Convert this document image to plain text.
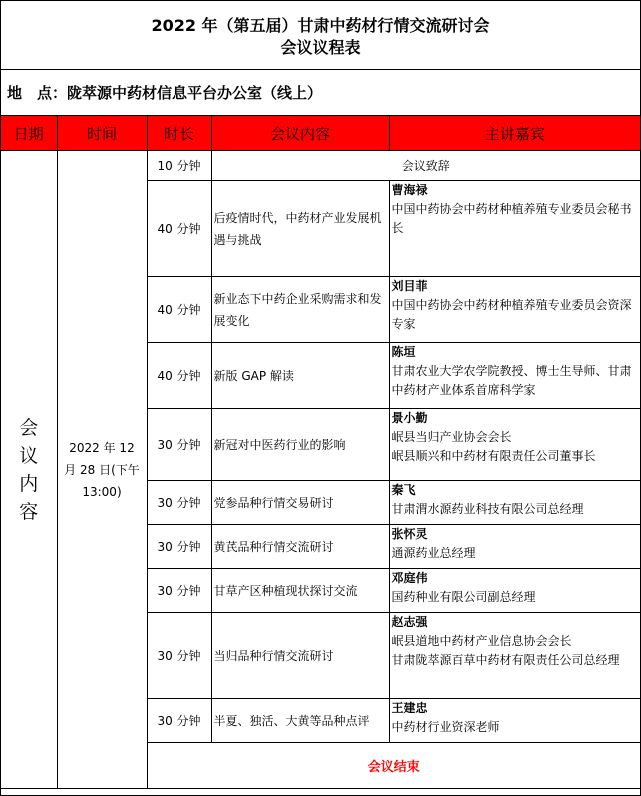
2022 年（第五届）甘肃中药材行情交流研讨会
会议议程表
地　点：陇萃源中药材信息平台办公室（线上）
日期	时间	时长	会议内容	主讲嘉宾

会议内容	2022 年 12 月 28 日(下午 13:00)	10 分钟	会议致辞	
		40 分钟	后疫情时代，中药材产业发展机遇与挑战	曹海禄
中国中药协会中药材种植养殖专业委员会秘书长

		40 分钟	新业态下中药企业采购需求和发展变化	刘目菲
中国中药协会中药材种植养殖专业委员会资深专家

		40 分钟	新版 GAP 解读	陈垣
甘肃农业大学农学院教授、博士生导师、甘肃中药材产业体系首席科学家

		30 分钟	新冠对中医药行业的影响	景小勤
岷县当归产业协会会长
岷县顺兴和中药材有限责任公司董事长

		30 分钟	党参品种行情交易研讨	秦飞
甘肃渭水源药业科技有限公司总经理

		30 分钟	黄芪品种行情交流研讨	张怀灵
通源药业总经理

		30 分钟	甘草产区种植现状探讨交流	邓庭伟
国药种业有限公司副总经理

		30 分钟	当归品种行情交流研讨	赵志强
岷县道地中药材产业信息协会会长
甘肃陇萃源百草中药材有限责任公司总经理

		30 分钟	半夏、独活、大黄等品种点评	王建忠
中药材行业资深老师

		会议结束		
